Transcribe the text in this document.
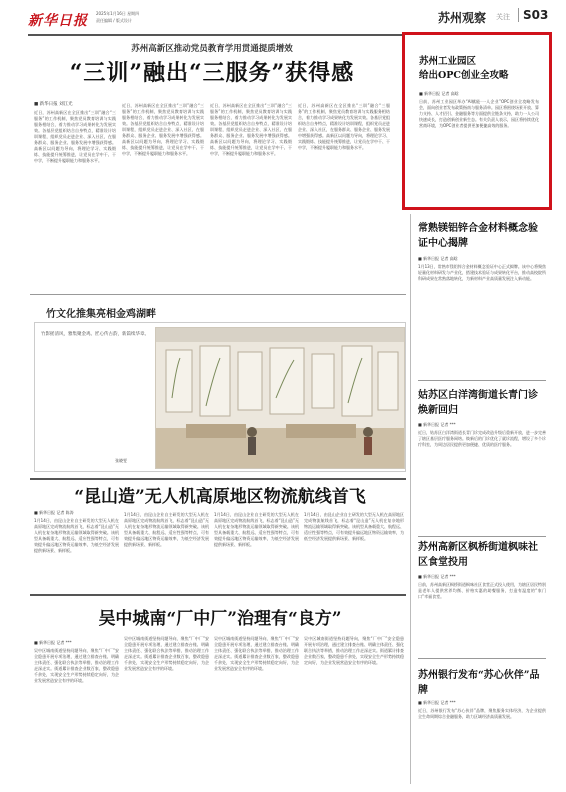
新华日报 2025年1月16日 星期四
责任编辑 / 版式设计	苏州观察 关注	S03
苏州高新区推动党员教育学用贯通提质增效
“三训”融出“三服务”获得感
■ 新华日报 刘江光
近日，苏州高新区在全区推出“三训”融合“三服务”的工作机制，聚焦党员教育培训与实践服务相结合，着力推动学习成果转化为发展实效。各基层党组织结合自身特点，精准设计培训课程，组织党员走进企业、深入社区，在服务群众、服务企业、服务发展中增强获得感。高新区以问题为导向，将理论学习、实践锻炼、技能提升统筹推进，让党员在学中干、干中学，不断提升履职能力和服务水平。
近日，苏州高新区在全区推出“三训”融合“三服务”的工作机制，聚焦党员教育培训与实践服务相结合，着力推动学习成果转化为发展实效。各基层党组织结合自身特点，精准设计培训课程，组织党员走进企业、深入社区，在服务群众、服务企业、服务发展中增强获得感。高新区以问题为导向，将理论学习、实践锻炼、技能提升统筹推进，让党员在学中干、干中学，不断提升履职能力和服务水平。
近日，苏州高新区在全区推出“三训”融合“三服务”的工作机制，聚焦党员教育培训与实践服务相结合，着力推动学习成果转化为发展实效。各基层党组织结合自身特点，精准设计培训课程，组织党员走进企业、深入社区，在服务群众、服务企业、服务发展中增强获得感。高新区以问题为导向，将理论学习、实践锻炼、技能提升统筹推进，让党员在学中干、干中学，不断提升履职能力和服务水平。
近日，苏州高新区在全区推出“三训”融合“三服务”的工作机制，聚焦党员教育培训与实践服务相结合，着力推动学习成果转化为发展实效。各基层党组织结合自身特点，精准设计培训课程，组织党员走进企业、深入社区，在服务群众、服务企业、服务发展中增强获得感。高新区以问题为导向，将理论学习、实践锻炼、技能提升统筹推进，让党员在学中干、干中学，不断提升履职能力和服务水平。
苏州工业园区
给出OPC创业全攻略
■ 新华日报 记者 高晗
日前，苏州工业园区举办“AI赋能·一人企业”OPC创业全攻略发布会，面向创业者发布政策指南与服务清单。园区将围绕场景开放、算力支持、人才招引、金融服务等方面提供全链条支持，助力一人公司快速成长，打造创新创业新生态。有关负责人表示，园区将持续优化营商环境，为OPC创业者提供更加便捷高效的服务。
常熟镁铝锌合金材料概念验证中心揭牌
■ 新华日报 记者 高晗
1月13日，常熟市镁铝锌合金材料概念验证中心正式揭牌。该中心将聚焦轻量化材料研发与产业化，搭建技术验证与成果转化平台，推动高校院所科研成果在常熟落地转化，为新材料产业高质量发展注入新动能。
姑苏区白洋湾街道长青门诊焕新回归
■ 新华日报 记者 ***
近日，姑苏区白洋湾街道长青门诊完成改造升级后重新开放，进一步完善了辖区基层医疗服务网络。焕新后的门诊优化了就诊流程，增设了多个诊疗科室，为周边居民提供更加便捷、优质的医疗服务。
苏州高新区枫桥街道枫味社区食堂投用
■ 新华日报 记者 ***
日前，苏州高新区枫桥街道枫味社区食堂正式投入使用，为辖区居民特别是老年人提供营养均衡、价格实惠的助餐服务，打造有温度的“家门口”幸福食堂。
苏州银行发布“苏心伙伴”品牌
■ 新华日报 记者 ***
近日，苏州银行发布“苏心伙伴”品牌，聚焦服务实体经济，为企业提供全生命周期综合金融服务，助力区域经济高质量发展。
竹文化推集亮相金鸡湖畔
竹影摇清风，雅集聚金鸡。匠心传古韵，新篇续华章。
张晓雯
“昆山造”无人机高原地区物流航线首飞
■ 新华日报 记者 陈涛
1月14日，由昆山企业自主研发的大型无人机在高原地区完成物流航线首飞，标志着“昆山造”无人机在复杂地形物流运输领域取得新突破。该机型具备载重大、航程远、适应性强等特点，可有效提升偏远地区物资运输效率，为低空经济发展提供新场景、新样板。
1月14日，由昆山企业自主研发的大型无人机在高原地区完成物流航线首飞，标志着“昆山造”无人机在复杂地形物流运输领域取得新突破。该机型具备载重大、航程远、适应性强等特点，可有效提升偏远地区物资运输效率，为低空经济发展提供新场景、新样板。
1月14日，由昆山企业自主研发的大型无人机在高原地区完成物流航线首飞，标志着“昆山造”无人机在复杂地形物流运输领域取得新突破。该机型具备载重大、航程远、适应性强等特点，可有效提升偏远地区物资运输效率，为低空经济发展提供新场景、新样板。
1月14日，由昆山企业自主研发的大型无人机在高原地区完成物流航线首飞，标志着“昆山造”无人机在复杂地形物流运输领域取得新突破。该机型具备载重大、航程远、适应性强等特点，可有效提升偏远地区物资运输效率，为低空经济发展提供新场景、新样板。
吴中城南“厂中厂”治理有“良方”
■ 新华日报 记者 ***
吴中区城南街道坚持问题导向，聚焦“厂中厂”安全隐患开展专项治理，通过建立排查台账、明确主体责任、强化联合执法等举措，推动治理工作走深走实。街道累计排查企业数百家，整改隐患千余处，实现安全生产形势持续稳定向好，为企业发展营造安全有序的环境。
吴中区城南街道坚持问题导向，聚焦“厂中厂”安全隐患开展专项治理，通过建立排查台账、明确主体责任、强化联合执法等举措，推动治理工作走深走实。街道累计排查企业数百家，整改隐患千余处，实现安全生产形势持续稳定向好，为企业发展营造安全有序的环境。
吴中区城南街道坚持问题导向，聚焦“厂中厂”安全隐患开展专项治理，通过建立排查台账、明确主体责任、强化联合执法等举措，推动治理工作走深走实。街道累计排查企业数百家，整改隐患千余处，实现安全生产形势持续稳定向好，为企业发展营造安全有序的环境。
吴中区城南街道坚持问题导向，聚焦“厂中厂”安全隐患开展专项治理，通过建立排查台账、明确主体责任、强化联合执法等举措，推动治理工作走深走实。街道累计排查企业数百家，整改隐患千余处，实现安全生产形势持续稳定向好，为企业发展营造安全有序的环境。
